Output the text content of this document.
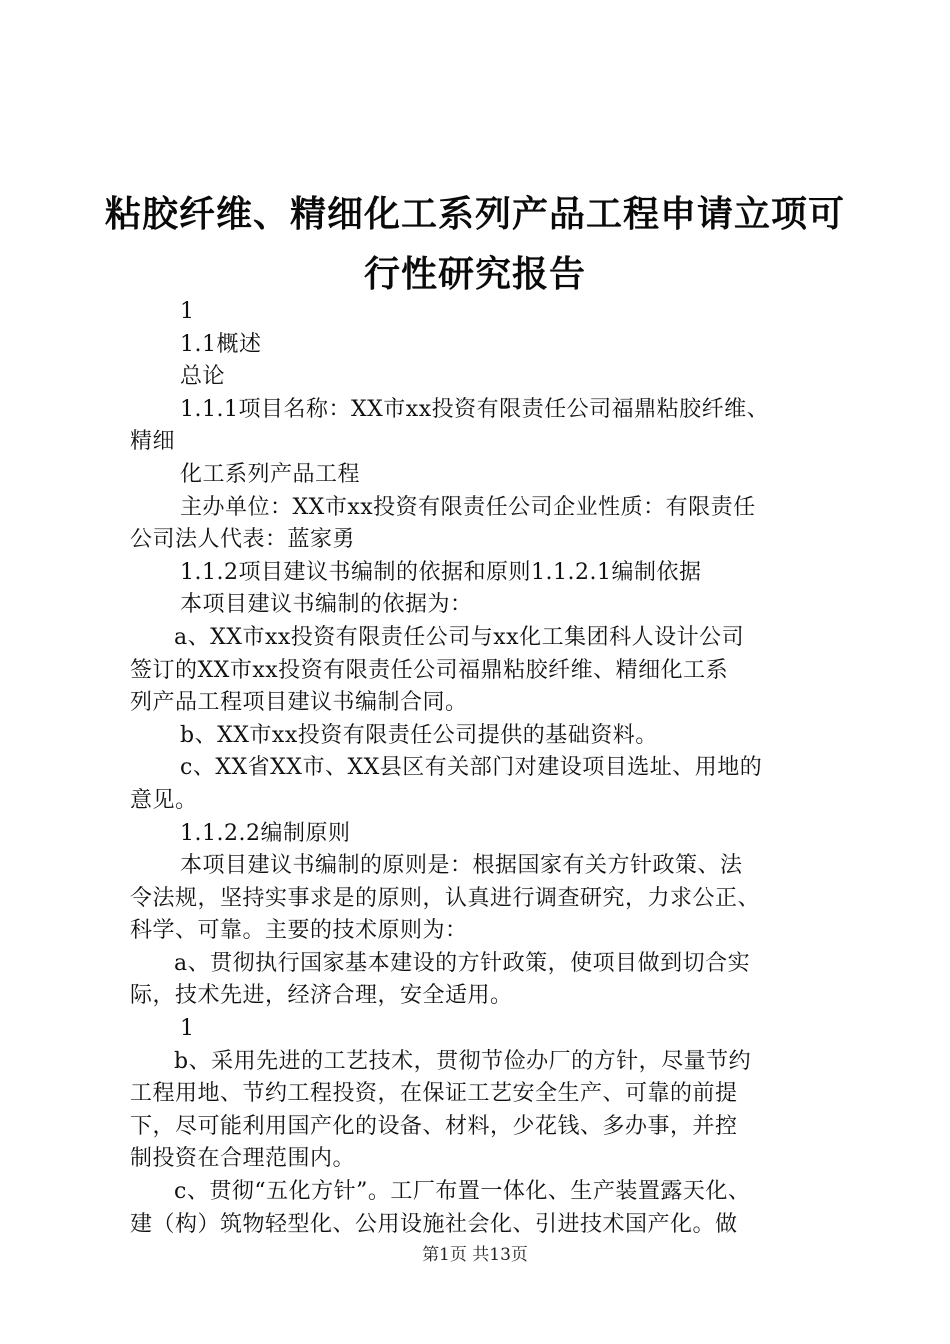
粘胶纤维、精细化工系列产品工程申请立项可
行性研究报告
1
1.1概述
总论
1.1.1项目名称：XX市xx投资有限责任公司福鼎粘胶纤维、
精细
化工系列产品工程
主办单位：XX市xx投资有限责任公司企业性质：有限责任
公司法人代表：蓝家勇
1.1.2项目建议书编制的依据和原则1.1.2.1编制依据
本项目建议书编制的依据为：
a、XX市xx投资有限责任公司与xx化工集团科人设计公司
签订的XX市xx投资有限责任公司福鼎粘胶纤维、精细化工系
列产品工程项目建议书编制合同。
b、XX市xx投资有限责任公司提供的基础资料。
c、XX省XX市、XX县区有关部门对建设项目选址、用地的
意见。
1.1.2.2编制原则
本项目建议书编制的原则是：根据国家有关方针政策、法
令法规，坚持实事求是的原则，认真进行调查研究，力求公正、
科学、可靠。主要的技术原则为：
a、贯彻执行国家基本建设的方针政策，使项目做到切合实
际，技术先进，经济合理，安全适用。
1
b、采用先进的工艺技术，贯彻节俭办厂的方针，尽量节约
工程用地、节约工程投资，在保证工艺安全生产、可靠的前提
下，尽可能利用国产化的设备、材料，少花钱、多办事，并控
制投资在合理范围内。
c、贯彻“五化方针”。工厂布置一体化、生产装置露天化、
建（构）筑物轻型化、公用设施社会化、引进技术国产化。做
第1页 共13页
